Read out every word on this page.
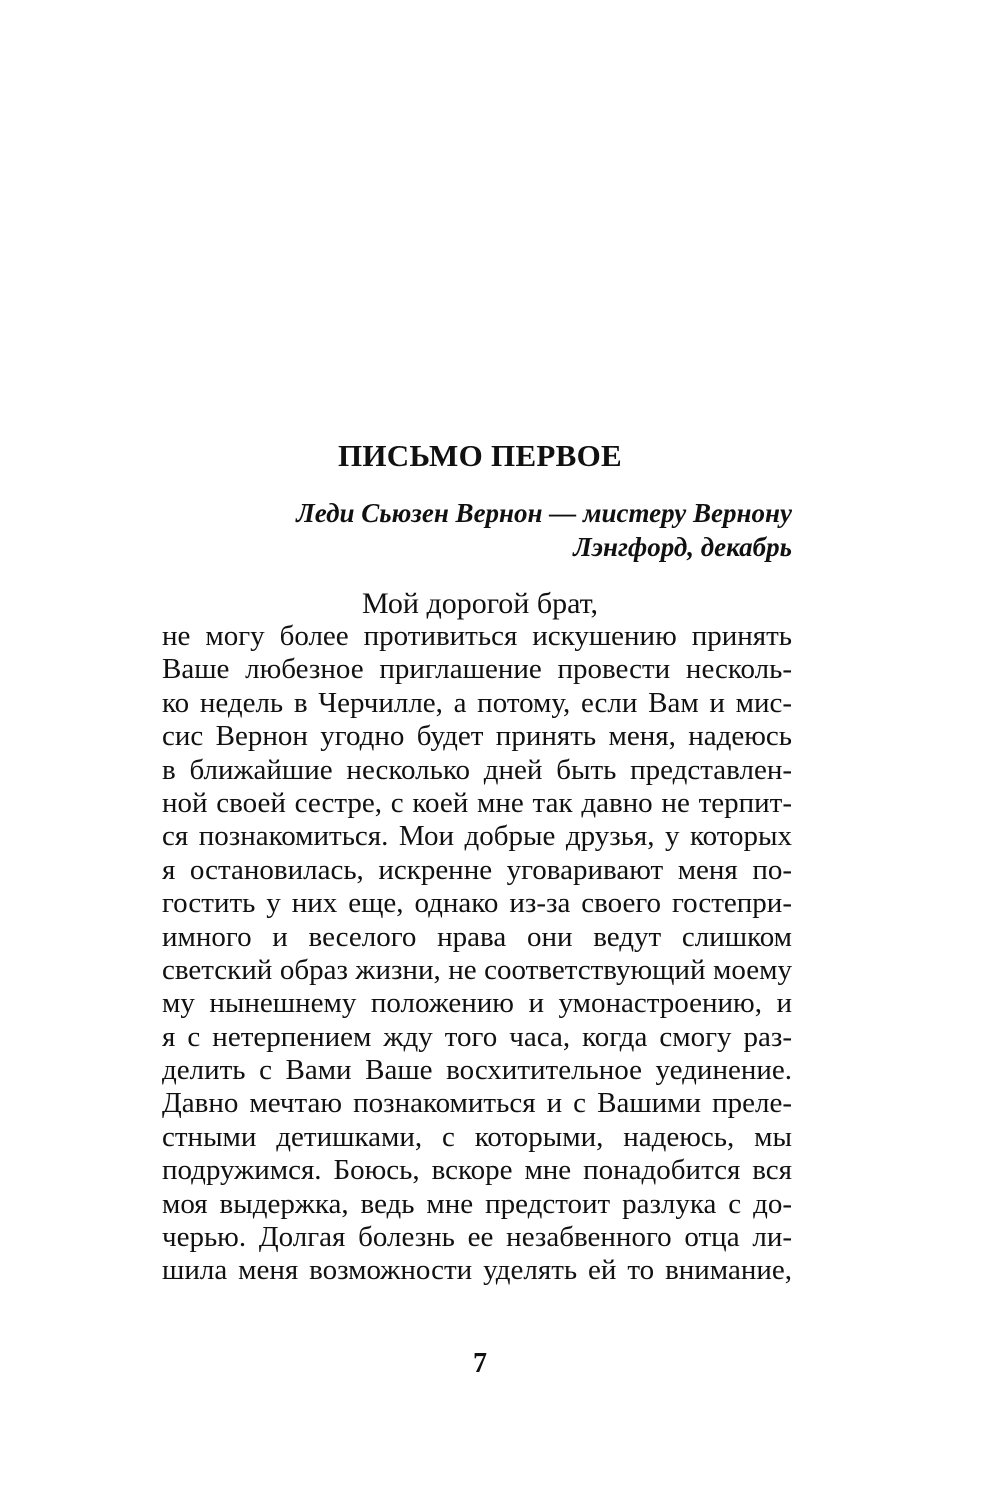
ПИСЬМО ПЕРВОЕ
Леди Сьюзен Вернон — мистеру Вернону
Лэнгфорд, декабрь
Мой дорогой брат,
не могу более противиться искушению принять
Ваше любезное приглашение провести несколь-
ко недель в Черчилле, а потому, если Вам и мис-
сис Вернон угодно будет принять меня, надеюсь
в ближайшие несколько дней быть представлен-
ной своей сестре, с коей мне так давно не терпит-
ся познакомиться. Мои добрые друзья, у которых
я остановилась, искренне уговаривают меня по-
гостить у них еще, однако из-за своего гостепри-
имного и веселого нрава они ведут слишком
светский образ жизни, не соответствующий моему
му нынешнему положению и умонастроению, и
я с нетерпением жду того часа, когда смогу раз-
делить с Вами Ваше восхитительное уединение.
Давно мечтаю познакомиться и с Вашими преле-
стными детишками, с которыми, надеюсь, мы
подружимся. Боюсь, вскоре мне понадобится вся
моя выдержка, ведь мне предстоит разлука с до-
черью. Долгая болезнь ее незабвенного отца ли-
шила меня возможности уделять ей то внимание,
7
